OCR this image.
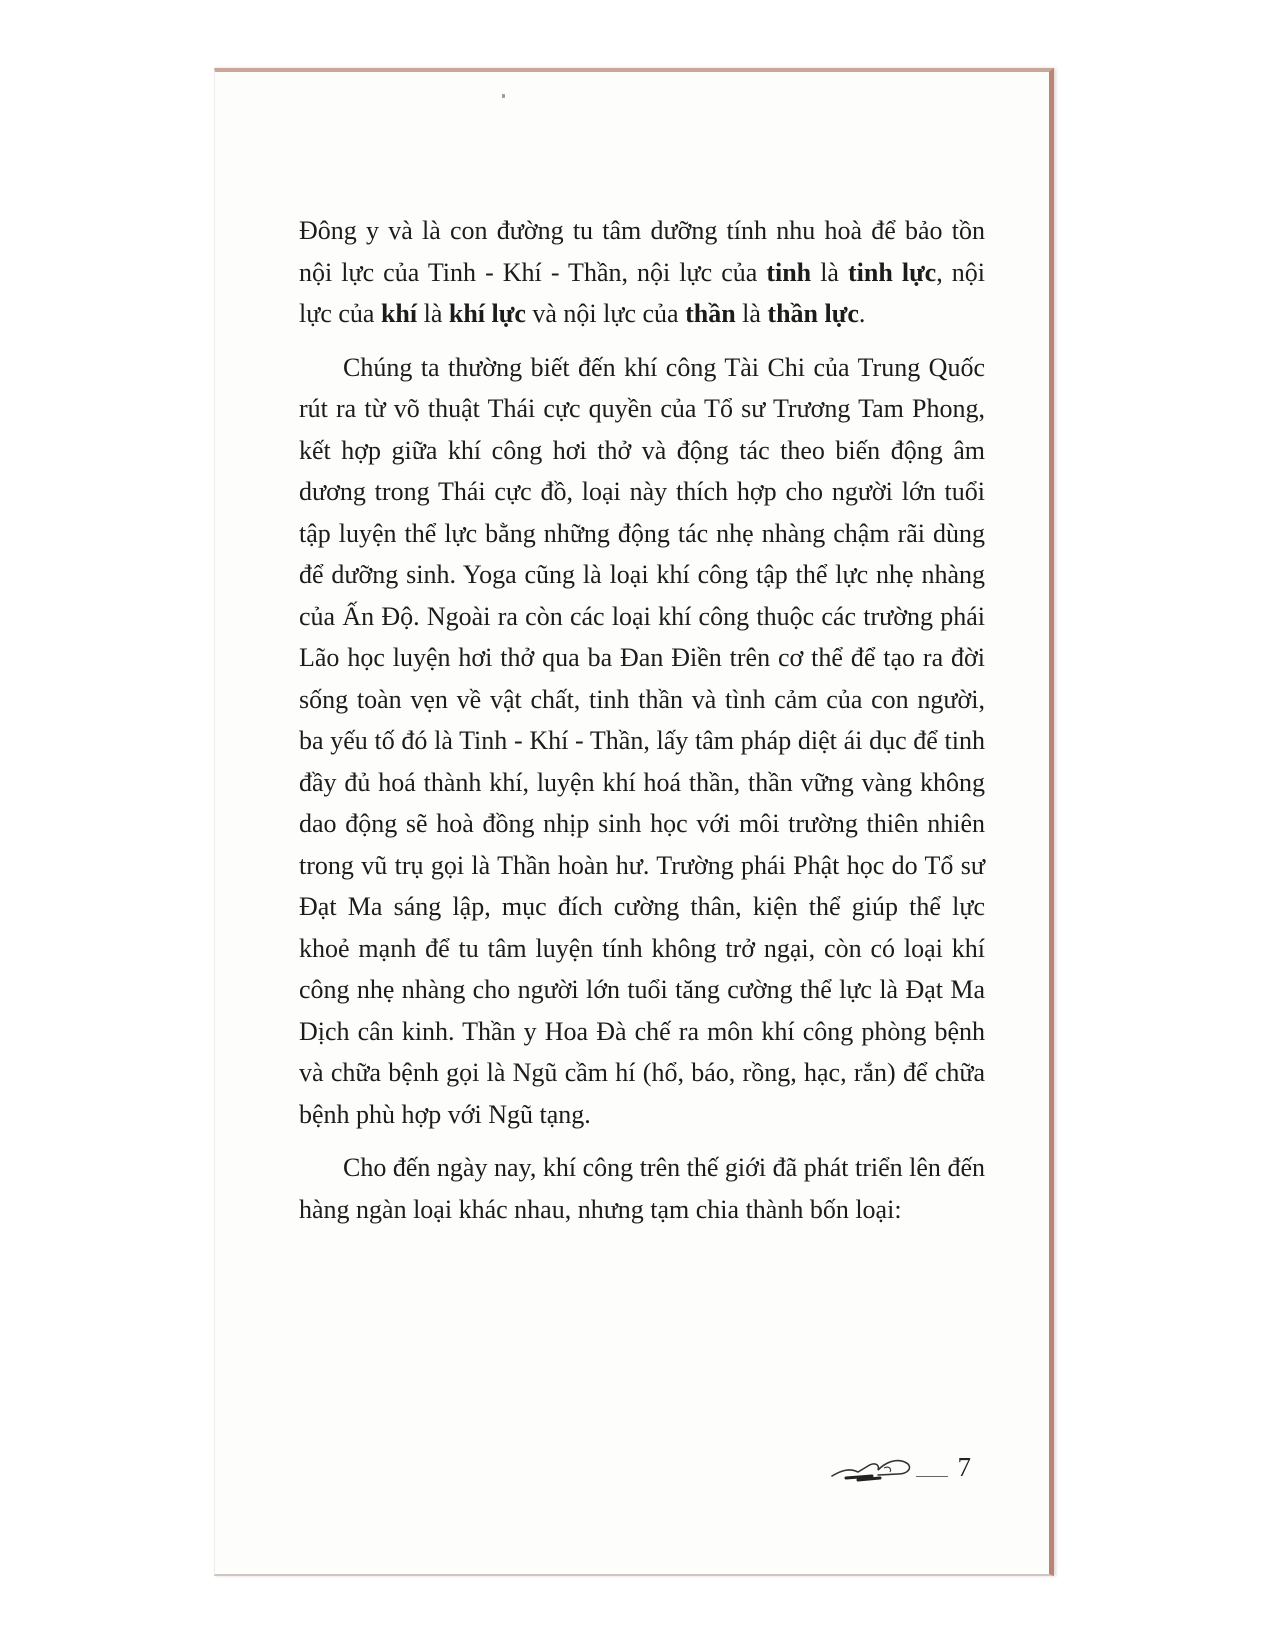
Đông y và là con đường tu tâm dưỡng tính nhu hoà để bảo tồn nội lực của Tinh - Khí - Thần, nội lực của tinh là tinh lực, nội lực của khí là khí lực và nội lực của thần là thần lực.

Chúng ta thường biết đến khí công Tài Chi của Trung Quốc rút ra từ võ thuật Thái cực quyền của Tổ sư Trương Tam Phong, kết hợp giữa khí công hơi thở và động tác theo biến động âm dương trong Thái cực đồ, loại này thích hợp cho người lớn tuổi tập luyện thể lực bằng những động tác nhẹ nhàng chậm rãi dùng để dưỡng sinh. Yoga cũng là loại khí công tập thể lực nhẹ nhàng của Ấn Độ. Ngoài ra còn các loại khí công thuộc các trường phái Lão học luyện hơi thở qua ba Đan Điền trên cơ thể để tạo ra đời sống toàn vẹn về vật chất, tinh thần và tình cảm của con người, ba yếu tố đó là Tinh - Khí - Thần, lấy tâm pháp diệt ái dục để tinh đầy đủ hoá thành khí, luyện khí hoá thần, thần vững vàng không dao động sẽ hoà đồng nhịp sinh học với môi trường thiên nhiên trong vũ trụ gọi là Thần hoàn hư. Trường phái Phật học do Tổ sư Đạt Ma sáng lập, mục đích cường thân, kiện thể giúp thể lực khoẻ mạnh để tu tâm luyện tính không trở ngại, còn có loại khí công nhẹ nhàng cho người lớn tuổi tăng cường thể lực là Đạt Ma Dịch cân kinh. Thần y Hoa Đà chế ra môn khí công phòng bệnh và chữa bệnh gọi là Ngũ cầm hí (hổ, báo, rồng, hạc, rắn) để chữa bệnh phù hợp với Ngũ tạng.

Cho đến ngày nay, khí công trên thế giới đã phát triển lên đến hàng ngàn loại khác nhau, nhưng tạm chia thành bốn loại:

7
